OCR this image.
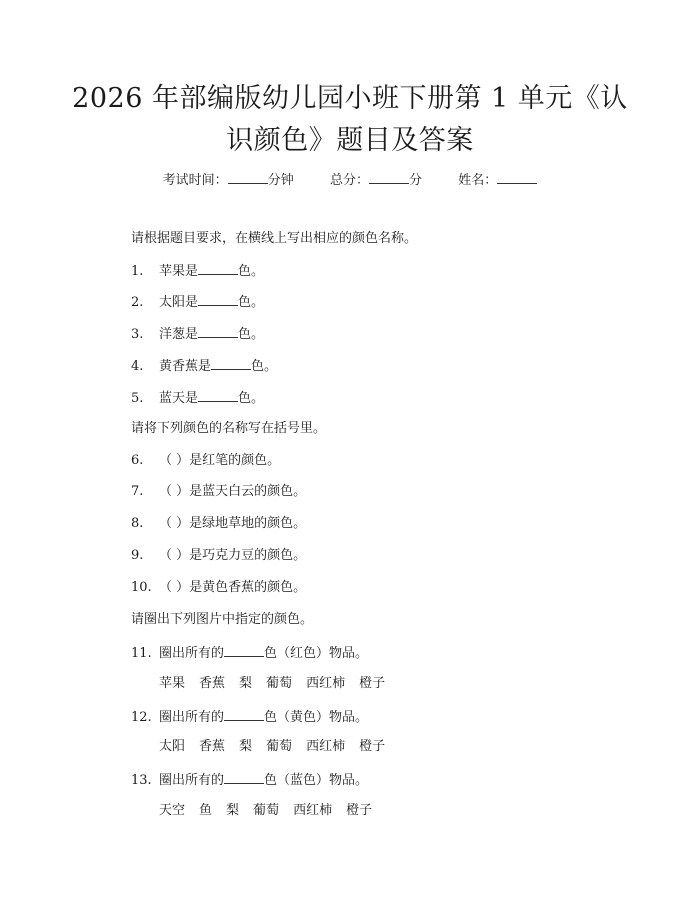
2026 年部编版幼儿园小班下册第 1 单元《认
识颜色》题目及答案
考试时间：	分钟	总分：	分	姓名：
请根据题目要求，在横线上写出相应的颜色名称。
1. 苹果是	色。
2. 太阳是	色。
3. 洋葱是	色。
4. 黄香蕉是	色。
5. 蓝天是	色。
请将下列颜色的名称写在括号里。
6. （ ）是红笔的颜色。
7. （ ）是蓝天白云的颜色。
8. （ ）是绿地草地的颜色。
9. （ ）是巧克力豆的颜色。
10. （ ）是黄色香蕉的颜色。
请圈出下列图片中指定的颜色。
11. 圈出所有的	色（红色）物品。
苹果 香蕉 梨 葡萄 西红柿 橙子
12. 圈出所有的	色（黄色）物品。
太阳 香蕉 梨 葡萄 西红柿 橙子
13. 圈出所有的	色（蓝色）物品。
天空 鱼 梨 葡萄 西红柿 橙子
